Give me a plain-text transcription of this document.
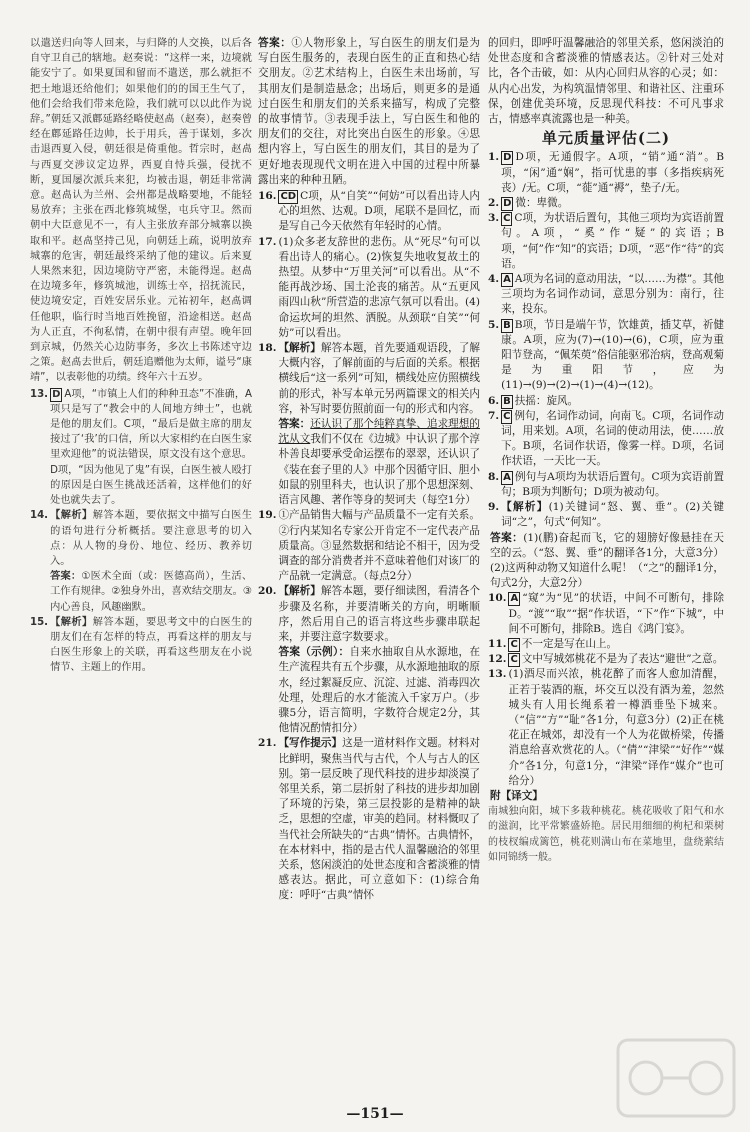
以遣送归向等人回来，与归降的人交换，以后各自守卫自己的辖地。赵奏说：“这样一来，边境就能安宁了。如果夏国和留而不遣送，那么就拒不把土地退还给他们；如果他们的的国王生气了，他们会给我们带来危险，我们就可以以此作为说辞。”朝廷又派鄜延路经略使赵卨（赵奏），赵奏曾经在鄜延路任边帅，长于用兵，善于谋划，多次击退西夏入侵，朝廷很是倚重他。哲宗时，赵卨与西夏交涉议定边界，西夏自恃兵强，侵扰不断，夏国屡次派兵来犯，均被击退，朝廷非常满意。赵卨认为兰州、会州都是战略要地，不能轻易放弃；主张在西北修筑城堡，屯兵守卫。然而朝中大臣意见不一，有人主张放弃部分城寨以换取和平。赵卨坚持己见，向朝廷上疏，说明放弃城寨的危害，朝廷最终采纳了他的建议。后来夏人果然来犯，因边境防守严密，未能得逞。赵卨在边境多年，修筑城池，训练士卒，招抚流民，使边境安定，百姓安居乐业。元祐初年，赵卨调任他职，临行时当地百姓挽留，沿途相送。赵卨为人正直，不徇私情，在朝中很有声望。晚年回到京城，仍然关心边防事务，多次上书陈述守边之策。赵卨去世后，朝廷追赠他为太师，谥号“康靖”，以表彰他的功绩。终年六十五岁。

13. D A项，“市镇上人们的种种丑态”不准确，A项只是写了“教会中的人间地方绅士”，也就是他的朋友们。C项，“最后是做主席的朋友接过了‘我’的口信，所以大家相约在白医生家里欢迎他”的说法错误，原文没有这个意思。D项，“因为他见了鬼”有误，白医生被人殴打的原因是白医生挑战还活着，这样他们的好处也就失去了。
14. 【解析】解答本题，要依据文中描写白医生的语句进行分析概括。要注意思考的切入点：从人物的身份、地位、经历、教养切入。
答案：①医术全面（或：医德高尚），生活、工作有规律。②独身外出，喜欢结交朋友。③内心善良，风趣幽默。
15. 【解析】解答本题，要思考文中的白医生的朋友们在有怎样的特点，再看这样的朋友与白医生形象上的关联，再看这些朋友在小说情节、主题上的作用。

答案：①人物形象上，写白医生的朋友们是为写白医生服务的，表现白医生的正直和热心结交朋友。②艺术结构上，白医生未出场前，写其朋友们是制造悬念；出场后，则更多的是通过白医生和朋友们的关系来描写，构成了完整的故事情节。③表现手法上，写白医生和他的朋友们的交往，对比突出白医生的形象。④思想内容上，写白医生的朋友们，其目的是为了更好地表现现代文明在进入中国的过程中所暴露出来的种种丑陋。

16. CD C项，从“自笑”“何妨”可以看出诗人内心的坦然、达观。D项，尾联不是回忆，而是写自己今天依然有年轻时的心情。
17. (1)众多老友辞世的悲伤。从“死尽”句可以看出诗人的痛心。(2)恢复失地收复故土的热望。从梦中“万里关河”可以看出。从“不能再战沙场、国土沦丧的痛苦。从“五更风雨四山秋”所营造的悲凉气氛可以看出。(4)命运坎坷的坦然、洒脱。从颈联“自笑”“何妨”可以看出。
18. 【解析】解答本题，首先要通观语段，了解大概内容，了解前面的与后面的关系。根据横线后“这一系列”可知，横线处应仿照横线前的形式，补写本单元另两篇课文的相关内容，补写时要仿照前面一句的形式和内容。
答案：还认识了那个纯粹真挚、追求理想的沈从文我们不仅在《边城》中认识了那个淳朴善良却要承受命运摆布的翠翠，还认识了《装在套子里的人》中那个因循守旧、胆小如鼠的别里科夫，也认识了那个思想深刻、语言风趣、著作等身的契诃夫（每空1分）
19. ①产品销售大幅与产品质量不一定有关系。②行内某知名专家公开肯定不一定代表产品质量高。③显然数据和结论不相干，因为受调查的部分消费者并不意味着他们对该厂的产品就一定满意。（每点2分）
20. 【解析】解答本题，要仔细读图，看清各个步骤及名称，并要清晰关的方向，明晰顺序，然后用自己的语言将这些步骤串联起来，并要注意字数要求。
答案（示例）：自来水抽取自从水源地，在生产流程共有五个步骤，从水源地抽取的原水，经过絮凝反应、沉淀、过滤、消毒四次处理，处理后的水才能流入千家万户。（步骤5分，语言简明，字数符合规定2分，其他情况酌情扣分）
21. 【写作提示】这是一道材料作文题。材料对比鲜明，聚焦当代与古代，个人与古人的区别。第一层反映了现代科技的进步却淡漠了邻里关系，第二层折射了科技的进步却加剧了环境的污染，第三层投影的是精神的缺乏，思想的空虚，审美的趋同。材料慨叹了当代社会所缺失的“古典”情怀。古典情怀，在本材料中，指的是古代人温馨融洽的邻里关系，悠闲淡泊的处世态度和含蓄淡雅的情感表达。据此，可立意如下：(1)综合角度：呼吁“古典”情怀

的回归，即呼吁温馨融洽的邻里关系，悠闲淡泊的处世态度和含蓄淡雅的情感表达。②针对三处对比，各个击破，如：从内心回归从容的心灵；如：从内心出发，为构筑温情邻里、和谐社区、注重环保，创建优美环境，反思现代科技：不可凡事求古，情感率真流露也是一种美。

单元质量评估(二)
1. D D项，无通假字。A项，“销”通“消”。B项，“闲”通“娴”，指可忧患的事（多指疾病死丧）/无。C项，“蓰”通“褥”，垫子/无。
2. D 微：卑微。
3. C C项，为状语后置句，其他三项均为宾语前置句。A项，“奚”作“疑”的宾语；B项，“何”作“知”的宾语；D项，“恶”作“待”的宾语。
4. A A项为名词的意动用法，“以……为襟”。其他三项均为名词作动词，意思分别为：南行，往来，投东。
5. B B项，节日是端午节，饮雄黄，插艾草，祈健康。A项，应为(7)→(10)→(6)，C项，应为重阳节登高，“佩茱萸”俗信能驱邪治病，登高观菊是为重阳节，应为(11)→(9)→(2)→(1)→(4)→(12)。
6. B 扶摇：旋风。
7. C 例句，名词作动词，向南飞。C项，名词作动词，用来划。A项，名词的使动用法，使……放下。B项，名词作状语，像雾一样。D项，名词作状语，一天比一天。
8. A 例句与A项均为状语后置句。C项为宾语前置句；B项为判断句；D项为被动句。
9. 【解析】(1)关键词“怒、翼、垂”。(2)关键词“之”，句式“何知”。
答案：(1)(鹏)奋起而飞，它的翅膀好像悬挂在天空的云。（“怒、翼、垂”的翻译各1分，大意3分）(2)这两种动物又知道什么呢！（“之”的翻译1分，句式2分，大意2分）
10. A “窥”为“见”的状语，中间不可断句，排除D。“渡”“取”“据”作状语，“下”作“下城”，中间不可断句，排除B。选自《鸿门宴》。
11. C 不一定是写在山上。
12. C 文中写城郊桃花不是为了表达“避世”之意。
13. (1)酒尽而兴浓，桃花醉了而客人愈加清醒，正若于装酒的瓶，坏交互以没有酒为羞，忽然城头有人用长绳系着一樽酒垂坠下城来。（“信”“方”“耻”各1分，句意3分）(2)正在桃花正在城郊，却没有一个人为花做桥梁，传播消息给喜欢赏花的人。（“倩”“津梁”“好作”“媒介”各1分，句意1分，“津梁”译作“媒介”也可给分）
附【译文】

南城独向阳，城下多栽种桃花。桃花吸收了阳气和水的滋润，比平常繁盛娇艳。居民用细细的枸杞和栗树的枝杈编成篱笆，桃花则满山布在菜地里，盘绕萦结如同锦绣一般。

—151—
